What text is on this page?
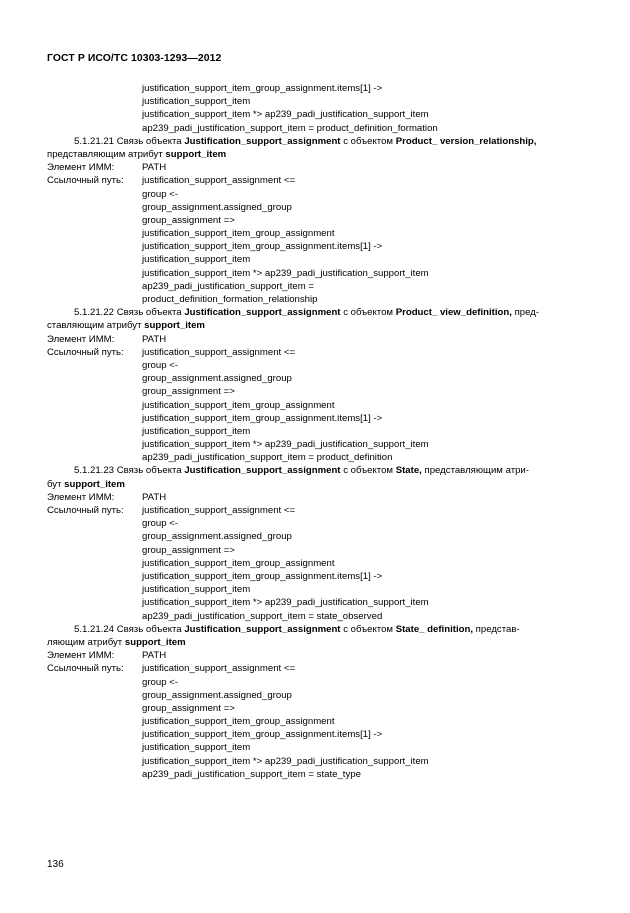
ГОСТ Р ИСО/ТС 10303-1293—2012
justification_support_item_group_assignment.items[1] ->
justification_support_item
justification_support_item *> ap239_padi_justification_support_item
ap239_padi_justification_support_item = product_definition_formation
5.1.21.21 Связь объекта Justification_support_assignment с объектом Product_ version_relationship,
представляющим атрибут support_item
Элемент ИММ:	PATH
Ссылочный путь:	justification_support_assignment <=
group <-
group_assignment.assigned_group
group_assignment =>
justification_support_item_group_assignment
justification_support_item_group_assignment.items[1] ->
justification_support_item
justification_support_item *> ap239_padi_justification_support_item
ap239_padi_justification_support_item =
product_definition_formation_relationship
5.1.21.22 Связь объекта Justification_support_assignment с объектом Product_ view_definition, пред-
ставляющим атрибут support_item
Элемент ИММ:	PATH
Ссылочный путь:	justification_support_assignment <=
group <-
group_assignment.assigned_group
group_assignment =>
justification_support_item_group_assignment
justification_support_item_group_assignment.items[1] ->
justification_support_item
justification_support_item *> ap239_padi_justification_support_item
ap239_padi_justification_support_item = product_definition
5.1.21.23 Связь объекта Justification_support_assignment с объектом State, представляющим атри-
бут support_item
Элемент ИММ:	PATH
Ссылочный путь:	justification_support_assignment <=
group <-
group_assignment.assigned_group
group_assignment =>
justification_support_item_group_assignment
justification_support_item_group_assignment.items[1] ->
justification_support_item
justification_support_item *> ap239_padi_justification_support_item
ap239_padi_justification_support_item = state_observed
5.1.21.24 Связь объекта Justification_support_assignment с объектом State_ definition, представ-
ляющим атрибут support_item
Элемент ИММ:	PATH
Ссылочный путь:	justification_support_assignment <=
group <-
group_assignment.assigned_group
group_assignment =>
justification_support_item_group_assignment
justification_support_item_group_assignment.items[1] ->
justification_support_item
justification_support_item *> ap239_padi_justification_support_item
ap239_padi_justification_support_item = state_type
136
